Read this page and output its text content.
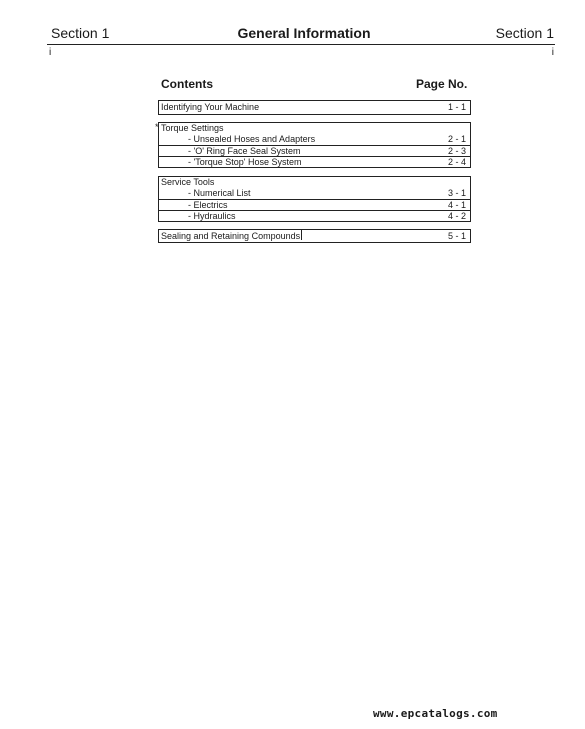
Section 1	General Information	Section 1
i	i
Contents	Page No.
Identifying Your Machine	1 - 1
* Torque Settings
- Unsealed Hoses and Adapters	2 - 1
- 'O' Ring Face Seal System	2 - 3
- 'Torque Stop' Hose System	2 - 4
Service Tools
- Numerical List	3 - 1
- Electrics	4 - 1
- Hydraulics	4 - 2
Sealing and Retaining Compounds	5 - 1
www.epcatalogs.com
